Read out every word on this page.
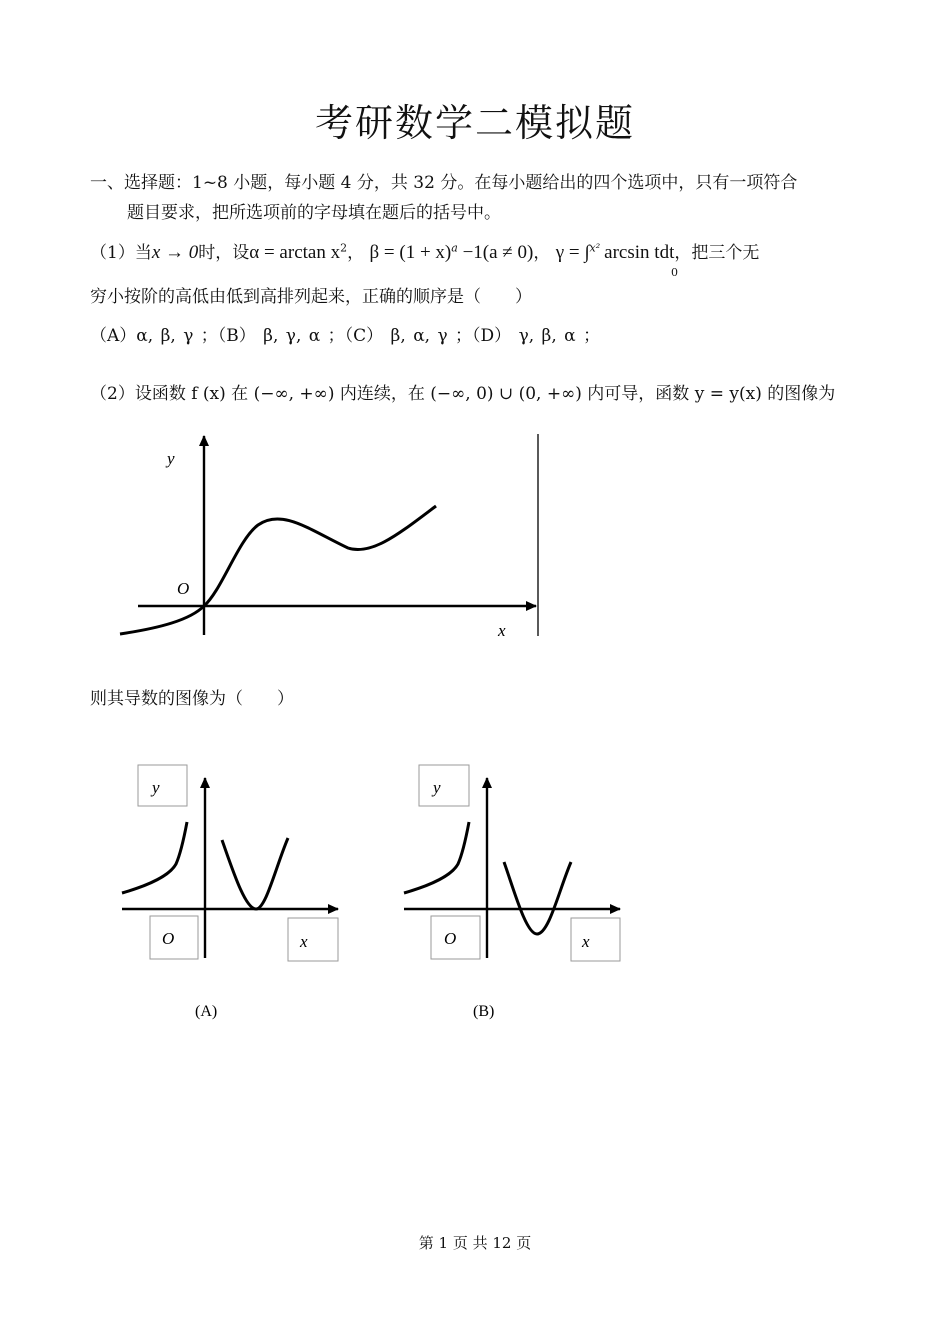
考研数学二模拟题
一、选择题：1~8 小题，每小题 4 分，共 32 分。在每小题给出的四个选项中，只有一项符合
题目要求，把所选项前的字母填在题后的括号中。
（1）当x → 0时，设$\alpha = \arctan x^2$， $\beta = (1 + x)^a -1(a \ne 0)$， γ = ∫$^{x^2}$ arcsin tdt，把三个无
0
穷小按阶的高低由低到高排列起来，正确的顺序是（　　）
（A）α, β, γ ；（B） β, γ, α ；（C） β, α, γ ；（D） γ, β, α ；
（2）设函数 f (x) 在 (−∞, +∞) 内连续，在 (−∞, 0) ∪ (0, +∞) 内可导，函数 y = y(x) 的图像为
则其导数的图像为（　　）
y
O
x
y
O	x
(A)
y
O	x
(B)
第 1 页 共 12 页
